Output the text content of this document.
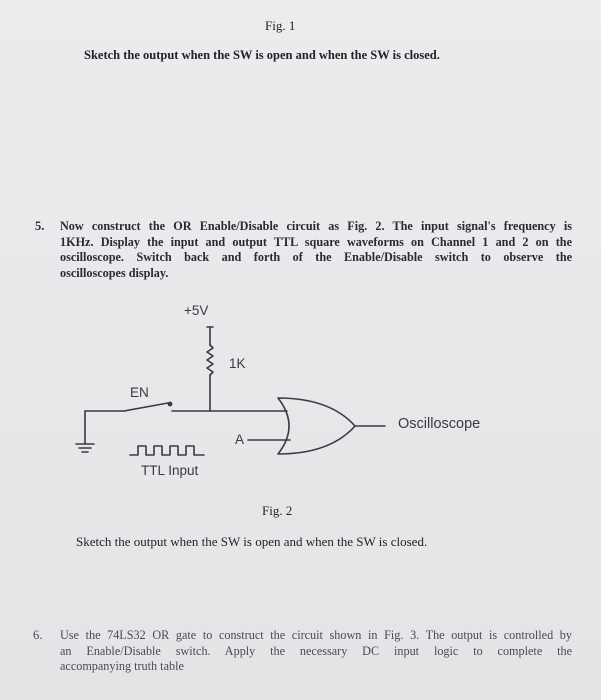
Fig. 1
Sketch the output when the SW is open and when the SW is closed.
5. Now construct the OR Enable/Disable circuit as Fig. 2. The input signal's frequency is
1KHz. Display the input and output TTL square waveforms on Channel 1 and 2 on the
oscilloscope. Switch back and forth of the Enable/Disable switch to observe the
oscilloscopes display.
+5V
1K
EN
Oscilloscope
A
TTL Input
Fig. 2
Sketch the output when the SW is open and when the SW is closed.
6. Use the 74LS32 OR gate to construct the circuit shown in Fig. 3. The output is controlled by
an Enable/Disable switch. Apply the necessary DC input logic to complete the
accompanying truth table
